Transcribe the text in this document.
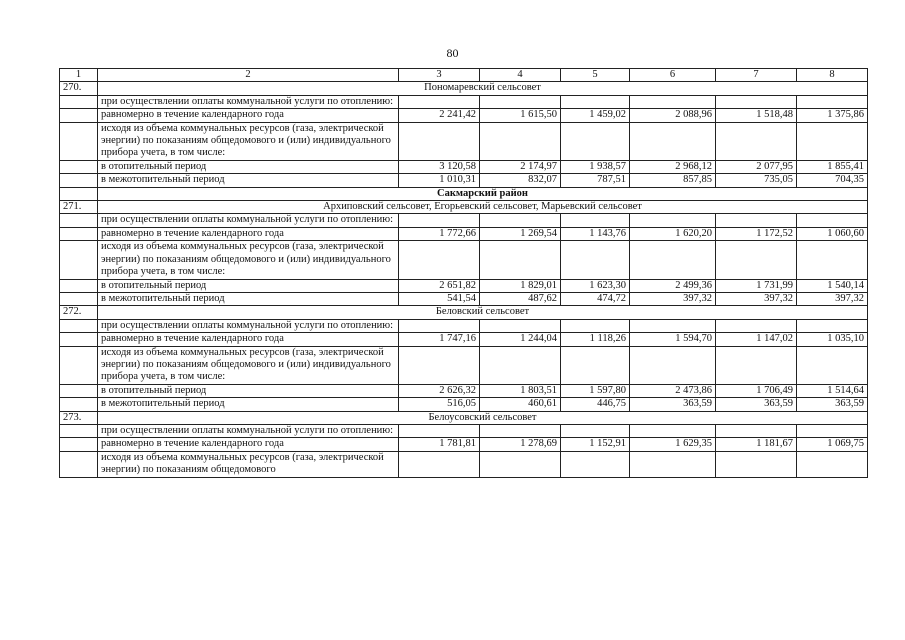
80
1	2	3	4	5	6	7	8
270.	Пономаревский сельсовет						
	при осуществлении оплаты коммунальной услуги по отоплению:						
	равномерно в течение календарного года	2 241,42	1 615,50	1 459,02	2 088,96	1 518,48	1 375,86
	исходя из объема коммунальных ресурсов (газа, электрической энергии) по показаниям общедомового и (или) индивидуального прибора учета, в том числе:						
	в отопительный период	3 120,58	2 174,97	1 938,57	2 968,12	2 077,95	1 855,41
	в межотопительный период	1 010,31	832,07	787,51	857,85	735,05	704,35
	Сакмарский район						
271.	Архиповский сельсовет, Егорьевский сельсовет, Марьевский сельсовет						
	при осуществлении оплаты коммунальной услуги по отоплению:						
	равномерно в течение календарного года	1 772,66	1 269,54	1 143,76	1 620,20	1 172,52	1 060,60
	исходя из объема коммунальных ресурсов (газа, электрической энергии) по показаниям общедомового и (или) индивидуального прибора учета, в том числе:						
	в отопительный период	2 651,82	1 829,01	1 623,30	2 499,36	1 731,99	1 540,14
	в межотопительный период	541,54	487,62	474,72	397,32	397,32	397,32
272.	Беловский сельсовет						
	при осуществлении оплаты коммунальной услуги по отоплению:						
	равномерно в течение календарного года	1 747,16	1 244,04	1 118,26	1 594,70	1 147,02	1 035,10
	исходя из объема коммунальных ресурсов (газа, электрической энергии) по показаниям общедомового и (или) индивидуального прибора учета, в том числе:						
	в отопительный период	2 626,32	1 803,51	1 597,80	2 473,86	1 706,49	1 514,64
	в межотопительный период	516,05	460,61	446,75	363,59	363,59	363,59
273.	Белоусовский сельсовет						
	при осуществлении оплаты коммунальной услуги по отоплению:						
	равномерно в течение календарного года	1 781,81	1 278,69	1 152,91	1 629,35	1 181,67	1 069,75
	исходя из объема коммунальных ресурсов (газа, электрической энергии) по показаниям общедомового						
